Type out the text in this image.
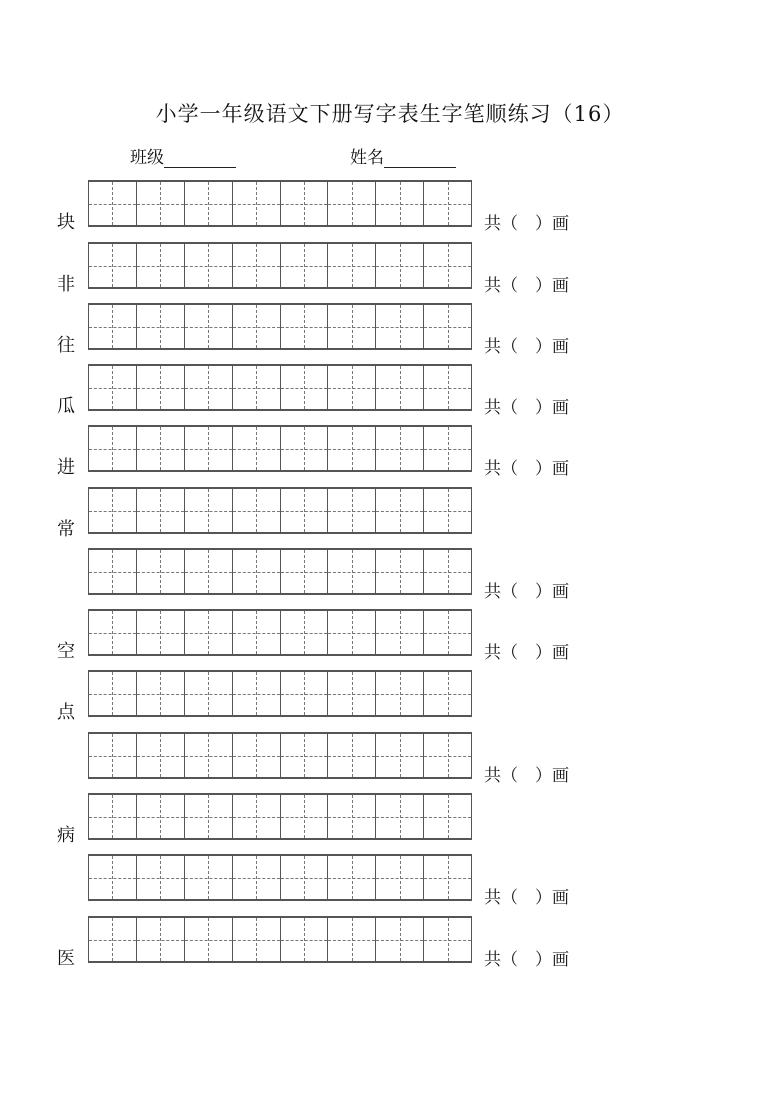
小学一年级语文下册写字表生字笔顺练习（16）
班级	姓名
块	共（　）画
非	共（　）画
往	共（　）画
瓜	共（　）画
进	共（　）画
常
共（　）画
空	共（　）画
点
共（　）画
病
共（　）画
医	共（　）画
